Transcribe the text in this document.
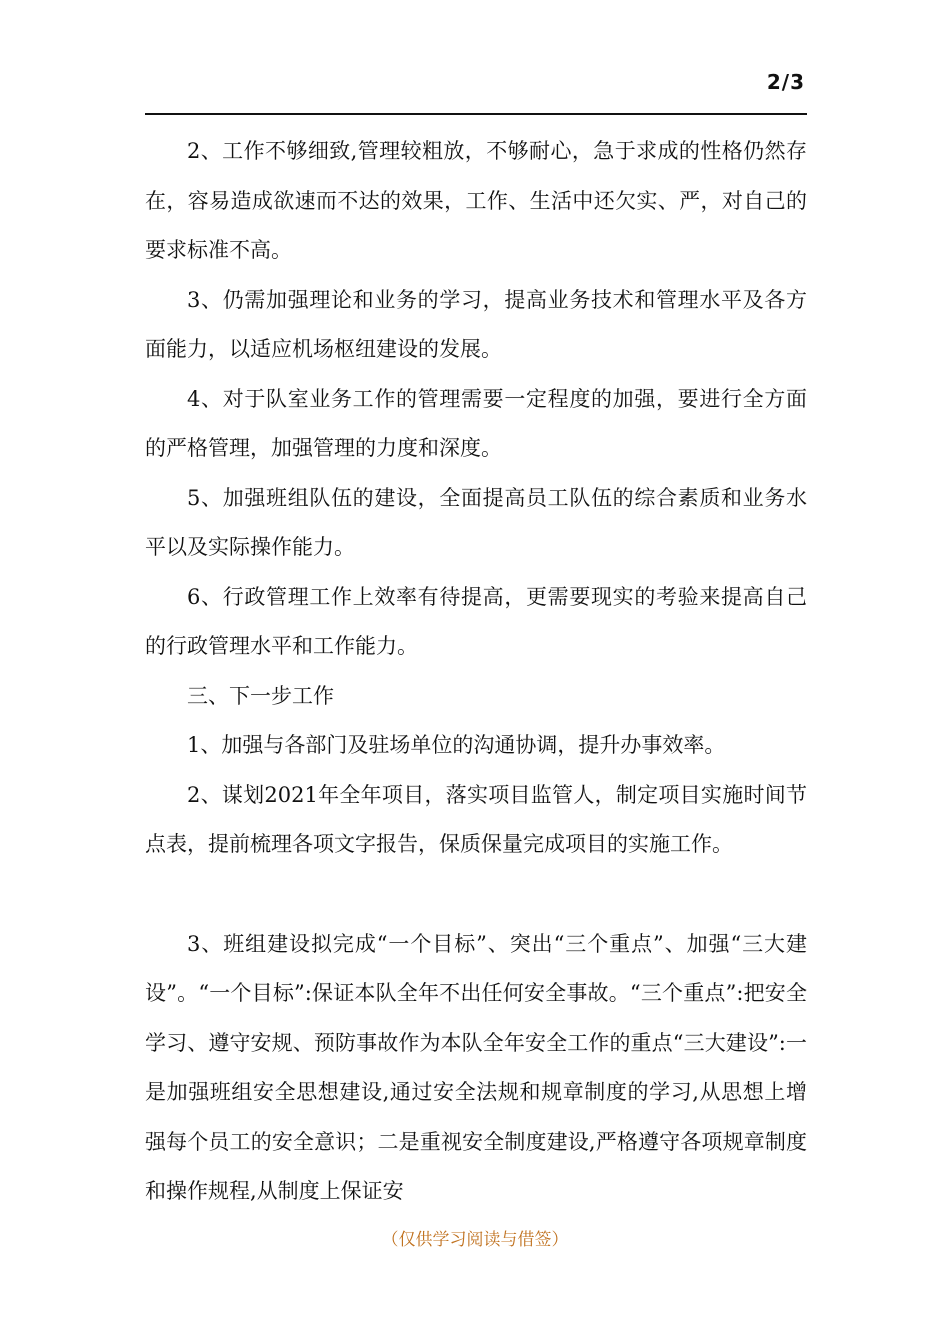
2/3

2、工作不够细致,管理较粗放，不够耐心，急于求成的性格仍然存在，容易造成欲速而不达的效果，工作、生活中还欠实、严，对自己的要求标准不高。

3、仍需加强理论和业务的学习，提高业务技术和管理水平及各方面能力，以适应机场枢纽建设的发展。

4、对于队室业务工作的管理需要一定程度的加强，要进行全方面的严格管理，加强管理的力度和深度。

5、加强班组队伍的建设，全面提高员工队伍的综合素质和业务水平以及实际操作能力。

6、行政管理工作上效率有待提高，更需要现实的考验来提高自己的行政管理水平和工作能力。

三、下一步工作

1、加强与各部门及驻场单位的沟通协调，提升办事效率。

2、谋划2021年全年项目，落实项目监管人，制定项目实施时间节点表，提前梳理各项文字报告，保质保量完成项目的实施工作。

3、班组建设拟完成“一个目标”、突出“三个重点”、加强“三大建设”。“一个目标”:保证本队全年不出任何安全事故。“三个重点”:把安全学习、遵守安规、预防事故作为本队全年安全工作的重点“三大建设”:一是加强班组安全思想建设,通过安全法规和规章制度的学习,从思想上增强每个员工的安全意识；二是重视安全制度建设,严格遵守各项规章制度和操作规程,从制度上保证安

（仅供学习阅读与借签）
